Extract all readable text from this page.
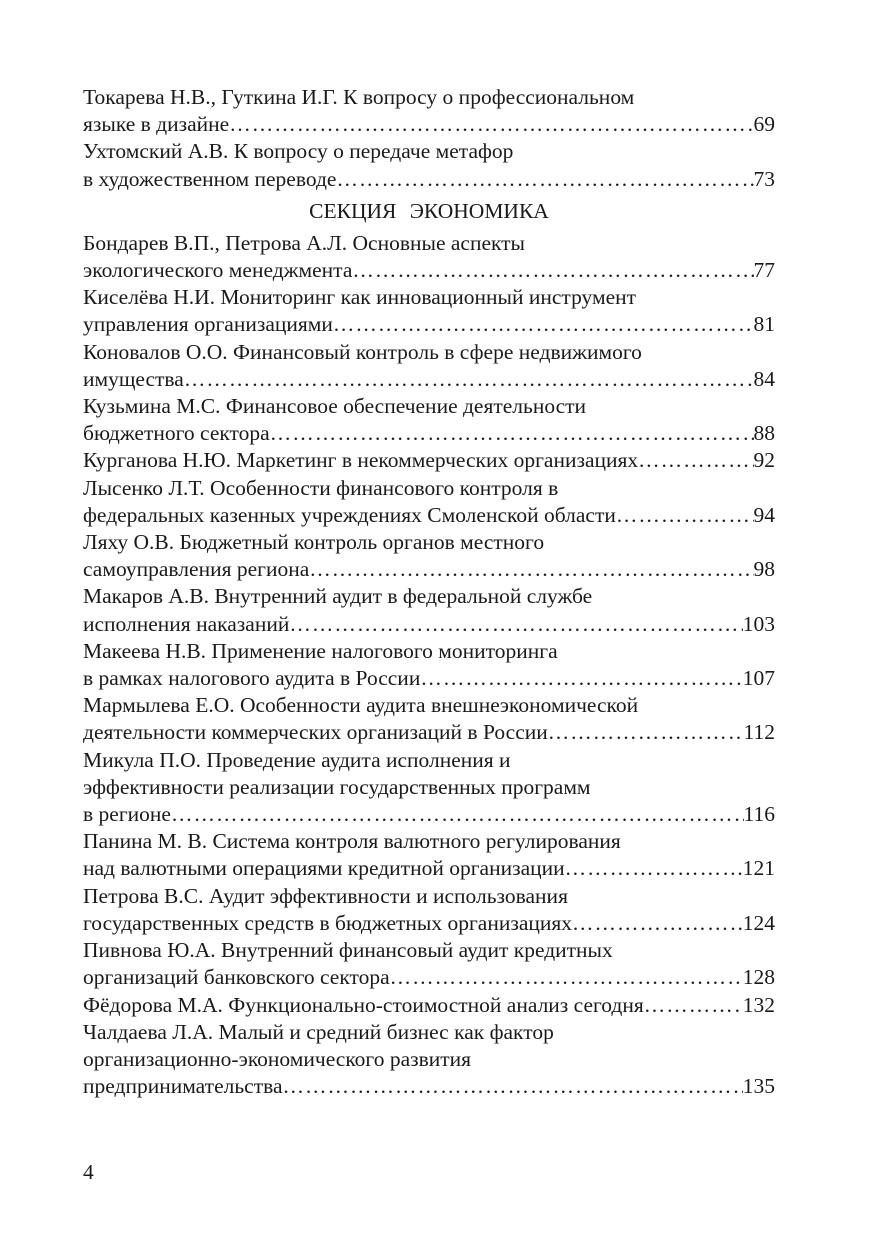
Токарева Н.В., Гуткина И.Г. К вопросу о профессиональном
языке в дизайне …………………………………………………………………………………………………………………………………………………	69
Ухтомский А.В. К вопросу о передаче метафор
в художественном переводе …………………………………………………………………………………………………………………………………………………	73
СЕКЦИЯ ЭКОНОМИКА
Бондарев В.П., Петрова А.Л. Основные аспекты
экологического менеджмента …………………………………………………………………………………………………………………………………………………	77
Киселёва Н.И. Мониторинг как инновационный инструмент
управления организациями …………………………………………………………………………………………………………………………………………………	81
Коновалов О.О. Финансовый контроль в сфере недвижимого
имущества …………………………………………………………………………………………………………………………………………………	84
Кузьмина М.С. Финансовое обеспечение деятельности
бюджетного сектора …………………………………………………………………………………………………………………………………………………	88
Курганова Н.Ю. Маркетинг в некоммерческих организациях …………………………………………………………………………………………………………………………………………………	92
Лысенко Л.Т. Особенности финансового контроля в
федеральных казенных учреждениях Смоленской области …………………………………………………………………………………………………………………………………………………	94
Ляху О.В. Бюджетный контроль органов местного
самоуправления региона …………………………………………………………………………………………………………………………………………………	98
Макаров А.В. Внутренний аудит в федеральной службе
исполнения наказаний …………………………………………………………………………………………………………………………………………………	103
Макеева Н.В. Применение налогового мониторинга
в рамках налогового аудита в России …………………………………………………………………………………………………………………………………………………	107
Мармылева Е.О. Особенности аудита внешнеэкономической
деятельности коммерческих организаций в России …………………………………………………………………………………………………………………………………………………	112
Микула П.О. Проведение аудита исполнения и
эффективности реализации государственных программ
в регионе …………………………………………………………………………………………………………………………………………………	116
Панина М. В. Система контроля валютного регулирования
над валютными операциями кредитной организации …………………………………………………………………………………………………………………………………………………	121
Петрова В.С. Аудит эффективности и использования
государственных средств в бюджетных организациях …………………………………………………………………………………………………………………………………………………	124
Пивнова Ю.А. Внутренний финансовый аудит кредитных
организаций банковского сектора …………………………………………………………………………………………………………………………………………………	128
Фёдорова М.А. Функционально-стоимостной анализ сегодня …………………………………………………………………………………………………………………………………………………	132
Чалдаева Л.А. Малый и средний бизнес как фактор
организационно-экономического развития
предпринимательства …………………………………………………………………………………………………………………………………………………	135
4
